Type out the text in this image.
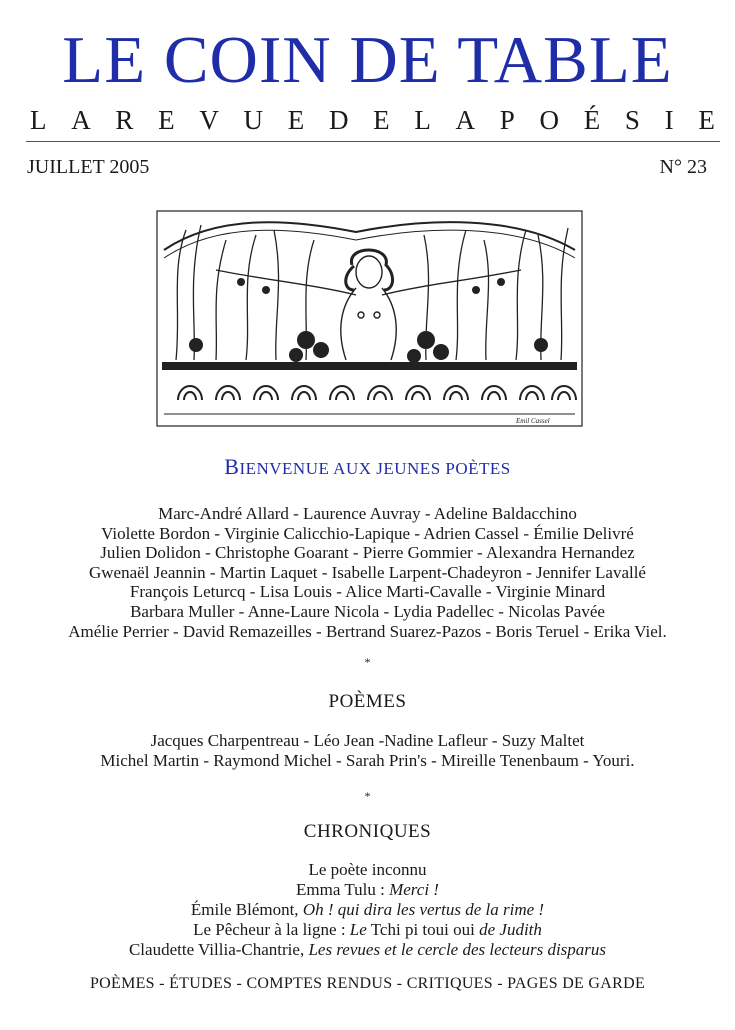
LE COIN DE TABLE
L A R E V U E D E L A P O É S I E
JUILLET 2005	N° 23
Emil Cassel
BIENVENUE AUX JEUNES POÈTES
Marc-André Allard - Laurence Auvray - Adeline Baldacchino
Violette Bordon - Virginie Calicchio-Lapique - Adrien Cassel - Émilie Delivré
Julien Dolidon - Christophe Goarant - Pierre Gommier - Alexandra Hernandez
Gwenaël Jeannin - Martin Laquet - Isabelle Larpent-Chadeyron - Jennifer Lavallé
François Leturcq - Lisa Louis - Alice Marti-Cavalle - Virginie Minard
Barbara Muller - Anne-Laure Nicola - Lydia Padellec - Nicolas Pavée
Amélie Perrier - David Remazeilles - Bertrand Suarez-Pazos - Boris Teruel - Erika Viel.
*
POÈMES
Jacques Charpentreau - Léo Jean -Nadine Lafleur - Suzy Maltet
Michel Martin - Raymond Michel - Sarah Prin's - Mireille Tenenbaum - Youri.
*
CHRONIQUES
Le poète inconnu
Emma Tulu : Merci !
Émile Blémont, Oh ! qui dira les vertus de la rime !
Le Pêcheur à la ligne : Le Tchi pi toui oui de Judith
Claudette Villia-Chantrie, Les revues et le cercle des lecteurs disparus
POÈMES - ÉTUDES - COMPTES RENDUS - CRITIQUES - PAGES DE GARDE
